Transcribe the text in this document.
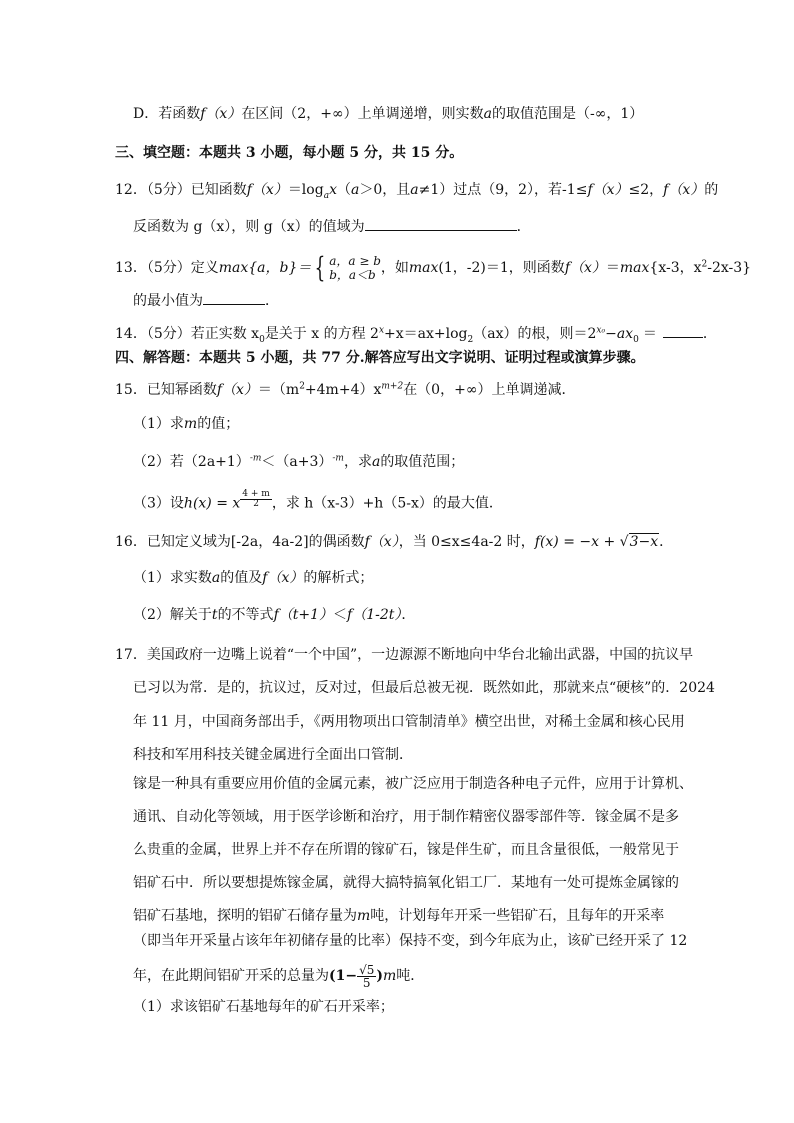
D．若函数f（x）在区间（2，+∞）上单调递增，则实数a的取值范围是（-∞，1）
三、填空题：本题共 3 小题，每小题 5 分，共 15 分。
12．（5分）已知函数$f(x)=\log_ax(a>0$，且a≠1）过点（9，2），若-1≤f（x）≤2，f（x）的
反函数为 g（x），则 g（x）的值域为	．
13．（5分）定义max{a，b}＝ { a，a ≥ b
b，a＜b ，如max(1，-2)＝1，则函数f（x）＝max{x-3，$x^2-2x-3$}
的最小值为	．
14．（5分）若正实数 $x_0$是关于 x 的方程 $2^x+x=ax+\log_2(ax)$的根，则$=2^{x_0}-ax_0$ ＝	．
四、解答题：本题共 5 小题，共 77 分.解答应写出文字说明、证明过程或演算步骤。
15．已知幂函数$f(x)=(m^2+4m+4)x^{m+2}$在（0，+∞）上单调递减．
（1）求m的值；
（2）若$(2a+1)^{-m}<(a+3)^{-m}$，求a的取值范围；
（3）设h(x) = x $^{\frac{4 + m}{2}}$ ，求 h（x-3）+h（5-x）的最大值．
16．已知定义域为[-2a，4a-2]的偶函数f（x），当 0≤x≤4a-2 时，f(x) = −x + √3−x．
（1）求实数a的值及f（x）的解析式；
（2）解关于t的不等式f（t+1）＜f（1-2t）．
17．美国政府一边嘴上说着“一个中国”，一边源源不断地向中华台北输出武器，中国的抗议早
已习以为常．是的，抗议过，反对过，但最后总被无视．既然如此，那就来点“硬核”的．2024
年 11 月，中国商务部出手，《两用物项出口管制清单》横空出世，对稀土金属和核心民用
科技和军用科技关键金属进行全面出口管制．
镓是一种具有重要应用价值的金属元素，被广泛应用于制造各种电子元件，应用于计算机、
通讯、自动化等领域，用于医学诊断和治疗，用于制作精密仪器零部件等．镓金属不是多
么贵重的金属，世界上并不存在所谓的镓矿石，镓是伴生矿，而且含量很低，一般常见于
铝矿石中．所以要想提炼镓金属，就得大搞特搞氧化铝工厂．某地有一处可提炼金属镓的
铝矿石基地，探明的铝矿石储存量为m吨，计划每年开采一些铝矿石，且每年的开采率
（即当年开采量占该年年初储存量的比率）保持不变，到今年底为止，该矿已经开采了 12
年，在此期间铝矿开采的总量为$(1- \frac{√5}{5} )m$吨．
（1）求该铝矿石基地每年的矿石开采率；
